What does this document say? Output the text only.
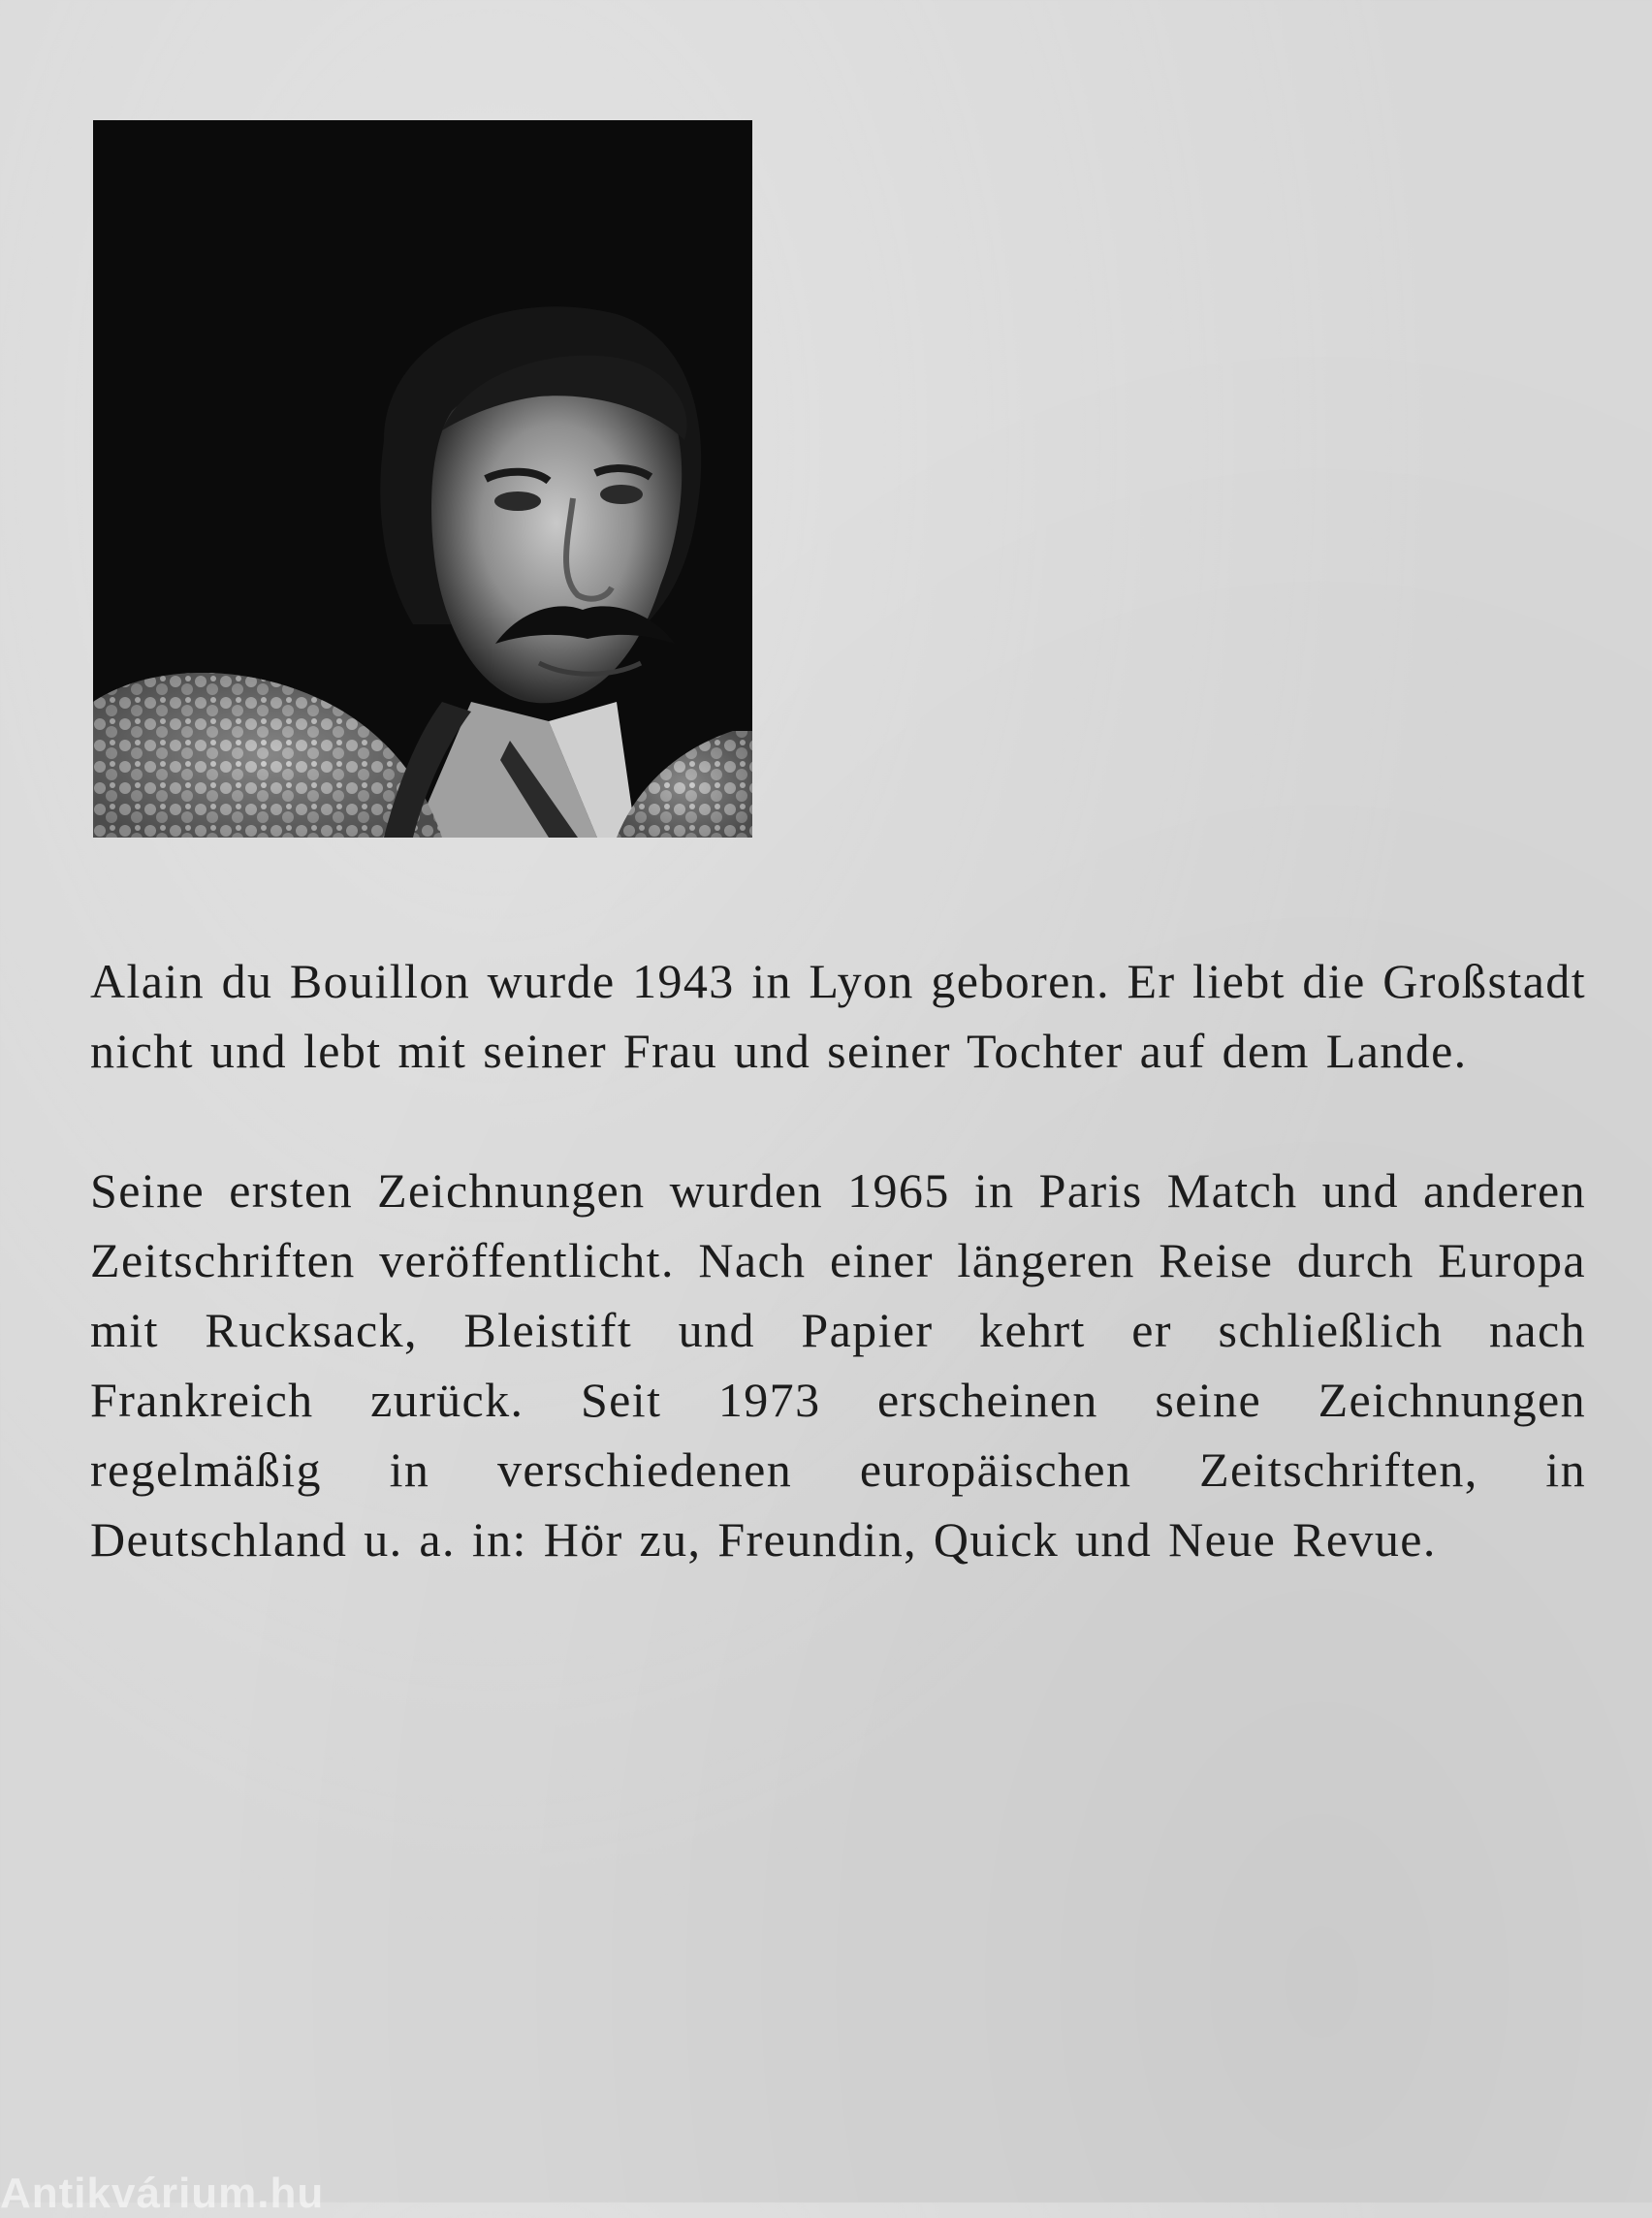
Alain du Bouillon wurde 1943 in Lyon geboren. Er liebt die Großstadt nicht und lebt mit seiner Frau und seiner Tochter auf dem Lande.

Seine ersten Zeichnungen wurden 1965 in Paris Match und anderen Zeitschriften veröffentlicht. Nach einer längeren Reise durch Europa mit Rucksack, Bleistift und Papier kehrt er schließlich nach Frankreich zurück. Seit 1973 erscheinen seine Zeichnungen regelmäßig in verschiedenen europäischen Zeitschriften, in Deutschland u. a. in: Hör zu, Freundin, Quick und Neue Revue.

Antikvárium.hu
